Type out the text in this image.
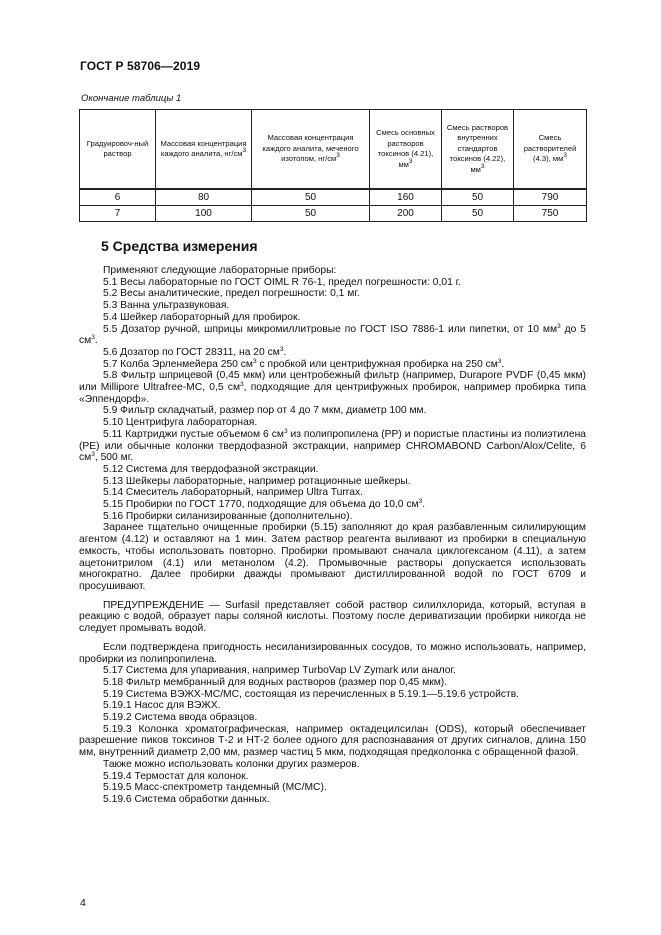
ГОСТ Р 58706—2019
Окончание таблицы 1
Градуировоч-ный раствор	Массовая концентрация каждого аналита, $нг/см^3$	Массовая концентрация каждого аналита, меченого изотопом, $нг/см^3$	Смесь основных растворов токсинов (4.21), $мм^3$	Смесь растворов внутренних стандартов токсинов (4.22), $мм^3$	Смесь растворителей (4.3), $мм^3$
6	80	50	160	50	790
7	100	50	200	50	750
5 Средства измерения

Применяют следующие лабораторные приборы:

5.1 Весы лабораторные по ГОСТ OIML R 76-1, предел погрешности: 0,01 г.

5.2 Весы аналитические, предел погрешности: 0,1 мг.

5.3 Ванна ультразвуковая.

5.4 Шейкер лабораторный для пробирок.

5.5 Дозатор ручной, шприцы микромиллитровые по ГОСТ ISO 7886-1 или пипетки, от 10 $мм^3$ до 5 $см^3$.

5.6 Дозатор по ГОСТ 28311, на 20 $см^3$.

5.7 Колба Эрленмейера 250 $см^3$ с пробкой или центрифужная пробирка на 250 $см^3$.

5.8 Фильтр шприцевой (0,45 мкм) или центробежный фильтр (например, Durapore PVDF (0,45 мкм) или Millipore Ultrafree-MC, 0,5 $см^3$, подходящие для центрифужных пробирок, например пробирка типа «Эппендорф».

5.9 Фильтр складчатый, размер пор от 4 до 7 мкм, диаметр 100 мм.

5.10 Центрифуга лабораторная.

5.11 Картриджи пустые объемом 6 $см^3$ из полипропилена (PP) и пористые пластины из полиэтилена (PE) или обычные колонки твердофазной экстракции, например CHROMABOND Carbon/Alox/Celite, 6 $см^3$, 500 мг.

5.12 Система для твердофазной экстракции.

5.13 Шейкеры лабораторные, например ротационные шейкеры.

5.14 Смеситель лабораторный, например Ultra Turrax.

5.15 Пробирки по ГОСТ 1770, подходящие для объема до 10,0 $см^3$.

5.16 Пробирки силанизированные (дополнительно).

Заранее тщательно очищенные пробирки (5.15) заполняют до края разбавленным силилирующим агентом (4.12) и оставляют на 1 мин. Затем раствор реагента выливают из пробирки в специальную емкость, чтобы использовать повторно. Пробирки промывают сначала циклогексаном (4.11), а затем ацетонитрилом (4.1) или метанолом (4.2). Промывочные растворы допускается использовать многократно. Далее пробирки дважды промывают дистиллированной водой по ГОСТ 6709 и просушивают.

ПРЕДУПРЕЖДЕНИЕ — Surfasil представляет собой раствор силилхлорида, который, вступая в реакцию с водой, образует пары соляной кислоты. Поэтому после дериватизации пробирки никогда не следует промывать водой.

Если подтверждена пригодность несиланизированных сосудов, то можно использовать, например, пробирки из полипропилена.

5.17 Система для упаривания, например TurboVap LV Zymark или аналог.

5.18 Фильтр мембранный для водных растворов (размер пор 0,45 мкм).

5.19 Система ВЭЖХ-МС/МС, состоящая из перечисленных в 5.19.1—5.19.6 устройств.

5.19.1 Насос для ВЭЖХ.

5.19.2 Система ввода образцов.

5.19.3 Колонка хроматографическая, например октадецилсилан (ODS), который обеспечивает разрешение пиков токсинов Т-2 и НТ-2 более одного для распознавания от других сигналов, длина 150 мм, внутренний диаметр 2,00 мм, размер частиц 5 мкм, подходящая предколонка с обращенной фазой.

Также можно использовать колонки других размеров.

5.19.4 Термостат для колонок.

5.19.5 Масс-спектрометр тандемный (МС/МС).

5.19.6 Система обработки данных.

4
